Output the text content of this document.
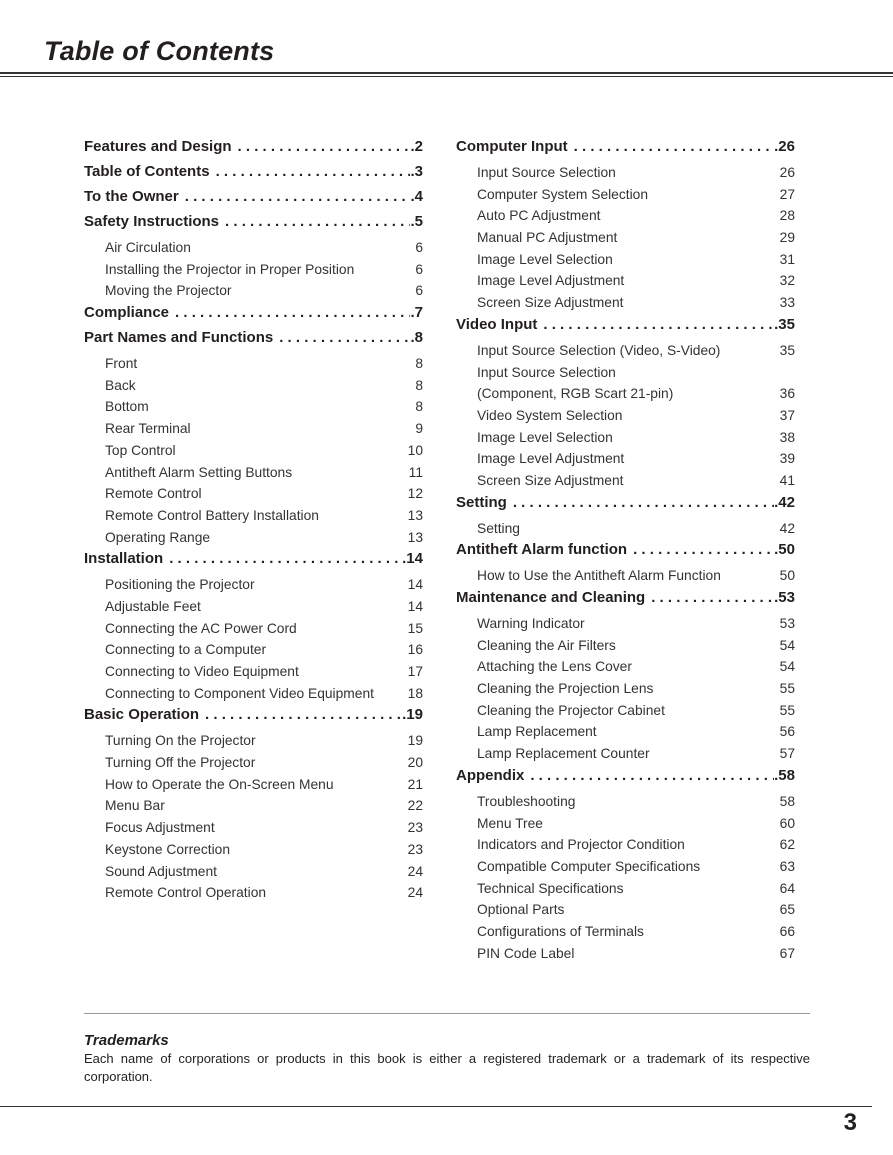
Table of Contents
Features and Design . . .	.2
Table of Contents . . .	.3
To the Owner . . .	.4
Safety Instructions . . .	.5
Air Circulation	6
Installing the Projector in Proper Position	6
Moving the Projector	6
Compliance . . .	.7
Part Names and Functions . . .	.8
Front	8
Back	8
Bottom	8
Rear Terminal	9
Top Control	10
Antitheft Alarm Setting Buttons	11
Remote Control	12
Remote Control Battery Installation	13
Operating Range	13
Installation . . .	.14
Positioning the Projector	14
Adjustable Feet	14
Connecting the AC Power Cord	15
Connecting to a Computer	16
Connecting to Video Equipment	17
Connecting to Component Video Equipment 18
Basic Operation . . .	.19
Turning On the Projector	19
Turning Off the Projector	20
How to Operate the On-Screen Menu	21
Menu Bar	22
Focus Adjustment	23
Keystone Correction	23
Sound Adjustment	24
Remote Control Operation	24
Computer Input . . .	.26
Input Source Selection	26
Computer System Selection	27
Auto PC Adjustment	28
Manual PC Adjustment	29
Image Level Selection	31
Image Level Adjustment	32
Screen Size Adjustment	33
Video Input . . .	.35
Input Source Selection (Video, S-Video)	35
Input Source Selection
(Component, RGB Scart 21-pin)	36
Video System Selection	37
Image Level Selection	38
Image Level Adjustment	39
Screen Size Adjustment	41
Setting . . .	.42
Setting	42
Antitheft Alarm function . . .	.50
How to Use the Antitheft Alarm Function	50
Maintenance and Cleaning . . .	.53
Warning Indicator	53
Cleaning the Air Filters	54
Attaching the Lens Cover	54
Cleaning the Projection Lens	55
Cleaning the Projector Cabinet	55
Lamp Replacement	56
Lamp Replacement Counter	57
Appendix . . .	.58
Troubleshooting	58
Menu Tree	60
Indicators and Projector Condition	62
Compatible Computer Specifications	63
Technical Specifications	64
Optional Parts	65
Configurations of Terminals	66
PIN Code Label	67
Trademarks
Each name of corporations or products in this book is either a registered trademark or a trademark of its respective corporation.
3
